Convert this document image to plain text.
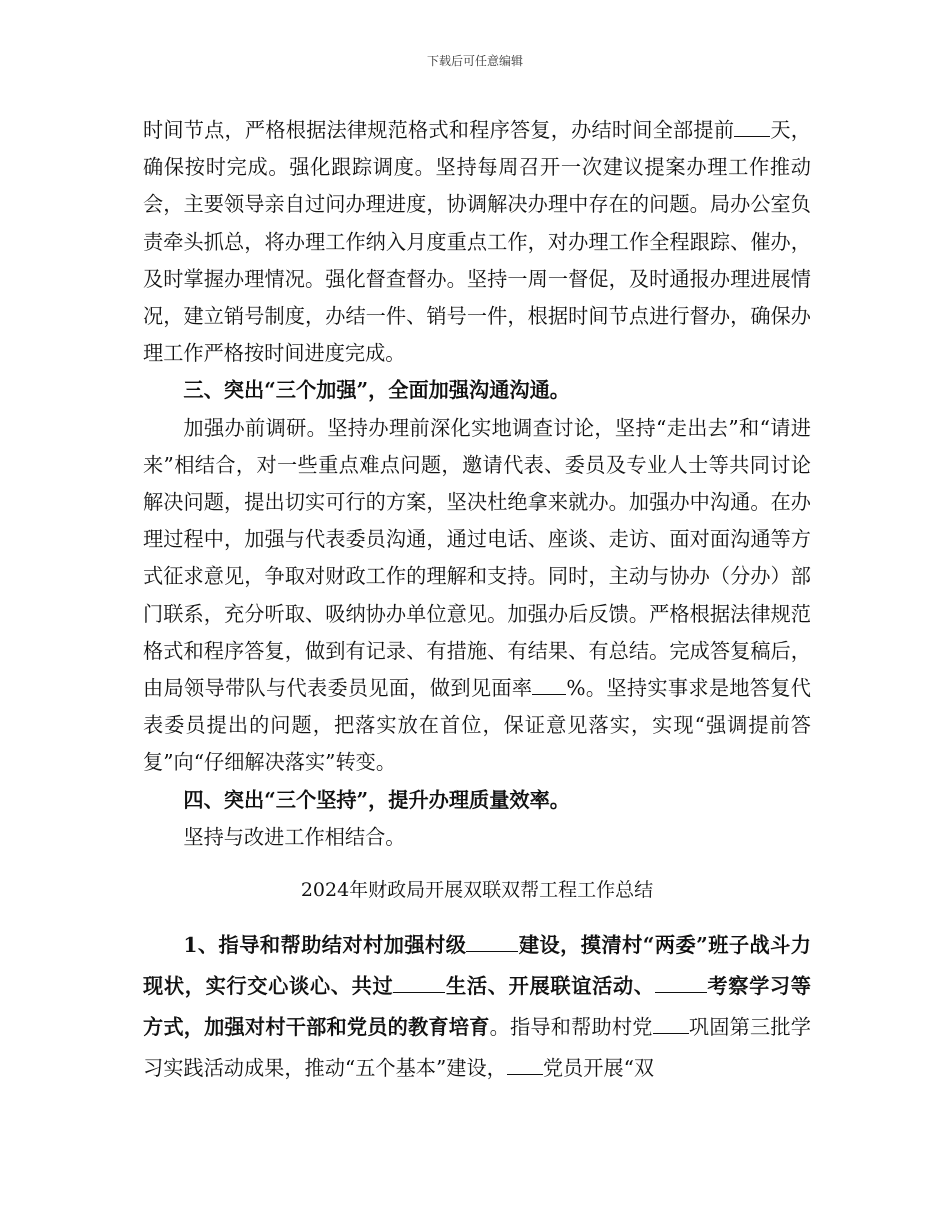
下载后可任意编辑

时间节点，严格根据法律规范格式和程序答复，办结时间全部提前 天，确保按时完成。强化跟踪调度。坚持每周召开一次建议提案办理工作推动会，主要领导亲自过问办理进度，协调解决办理中存在的问题。局办公室负责牵头抓总，将办理工作纳入月度重点工作，对办理工作全程跟踪、催办，及时掌握办理情况。强化督查督办。坚持一周一督促，及时通报办理进展情况，建立销号制度，办结一件、销号一件，根据时间节点进行督办，确保办理工作严格按时间进度完成。

三、突出“三个加强”，全面加强沟通沟通。

加强办前调研。坚持办理前深化实地调查讨论，坚持“走出去”和“请进来”相结合，对一些重点难点问题，邀请代表、委员及专业人士等共同讨论解决问题，提出切实可行的方案，坚决杜绝拿来就办。加强办中沟通。在办理过程中，加强与代表委员沟通，通过电话、座谈、走访、面对面沟通等方式征求意见，争取对财政工作的理解和支持。同时，主动与协办（分办）部门联系，充分听取、吸纳协办单位意见。加强办后反馈。严格根据法律规范格式和程序答复，做到有记录、有措施、有结果、有总结。完成答复稿后，由局领导带队与代表委员见面，做到见面率 %。坚持实事求是地答复代表委员提出的问题，把落实放在首位，保证意见落实，实现“强调提前答复”向“仔细解决落实”转变。

四、突出“三个坚持”，提升办理质量效率。

坚持与改进工作相结合。

2024年财政局开展双联双帮工程工作总结

1、指导和帮助结对村加强村级	建设，摸清村“两委”班子战斗力现状，实行交心谈心、共过	生活、开展联谊活动、	考察学习等方式，加强对村干部和党员的教育培育。指导和帮助村党 巩固第三批学习实践活动成果，推动“五个基本”建设， 党员开展“双
